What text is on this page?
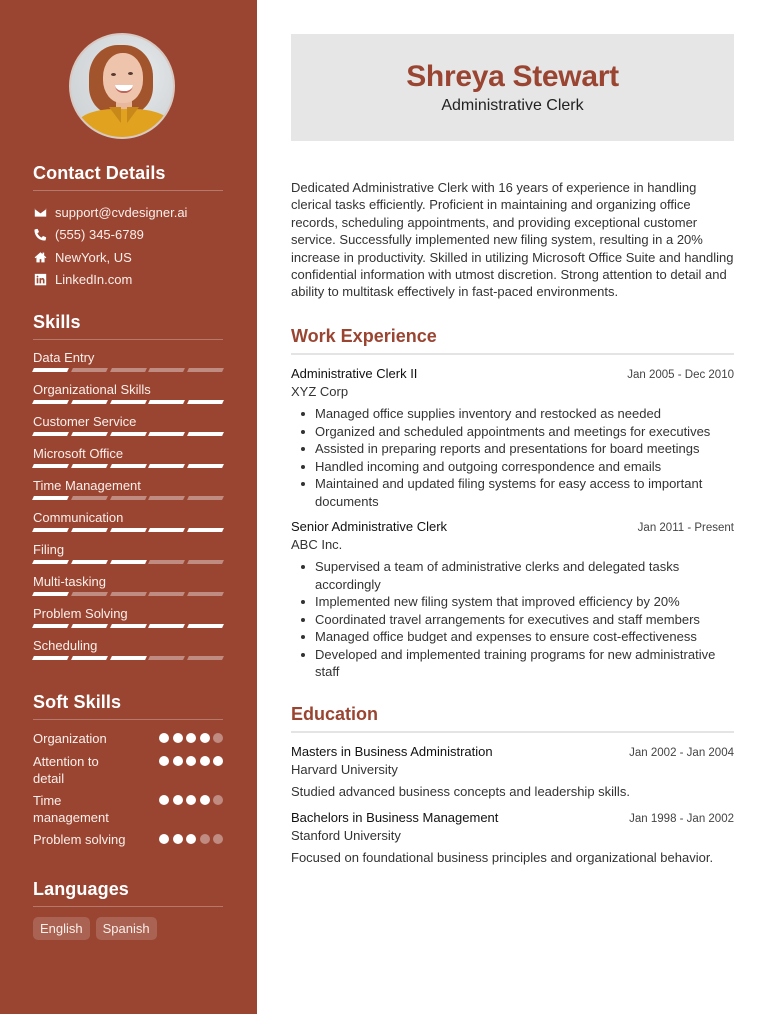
Contact Details
support@cvdesigner.ai
(555) 345-6789
NewYork, US
LinkedIn.com
Skills
Data Entry
Organizational Skills
Customer Service
Microsoft Office
Time Management
Communication
Filing
Multi-tasking
Problem Solving
Scheduling
Soft Skills
Organization
Attention to detail
Time management
Problem solving
Languages
English	Spanish
Shreya Stewart
Administrative Clerk

Dedicated Administrative Clerk with 16 years of experience in handling clerical tasks efficiently. Proficient in maintaining and organizing office records, scheduling appointments, and providing exceptional customer service. Successfully implemented new filing system, resulting in a 20% increase in productivity. Skilled in utilizing Microsoft Office Suite and handling confidential information with utmost discretion. Strong attention to detail and ability to multitask effectively in fast-paced environments.

Work Experience
Administrative Clerk II	Jan 2005 - Dec 2010
XYZ Corp
Managed office supplies inventory and restocked as needed
Organized and scheduled appointments and meetings for executives
Assisted in preparing reports and presentations for board meetings
Handled incoming and outgoing correspondence and emails
Maintained and updated filing systems for easy access to important documents
Senior Administrative Clerk	Jan 2011 - Present
ABC Inc.
Supervised a team of administrative clerks and delegated tasks accordingly
Implemented new filing system that improved efficiency by 20%
Coordinated travel arrangements for executives and staff members
Managed office budget and expenses to ensure cost-effectiveness
Developed and implemented training programs for new administrative staff
Education
Masters in Business Administration	Jan 2002 - Jan 2004
Harvard University
Studied advanced business concepts and leadership skills.
Bachelors in Business Management	Jan 1998 - Jan 2002
Stanford University
Focused on foundational business principles and organizational behavior.
